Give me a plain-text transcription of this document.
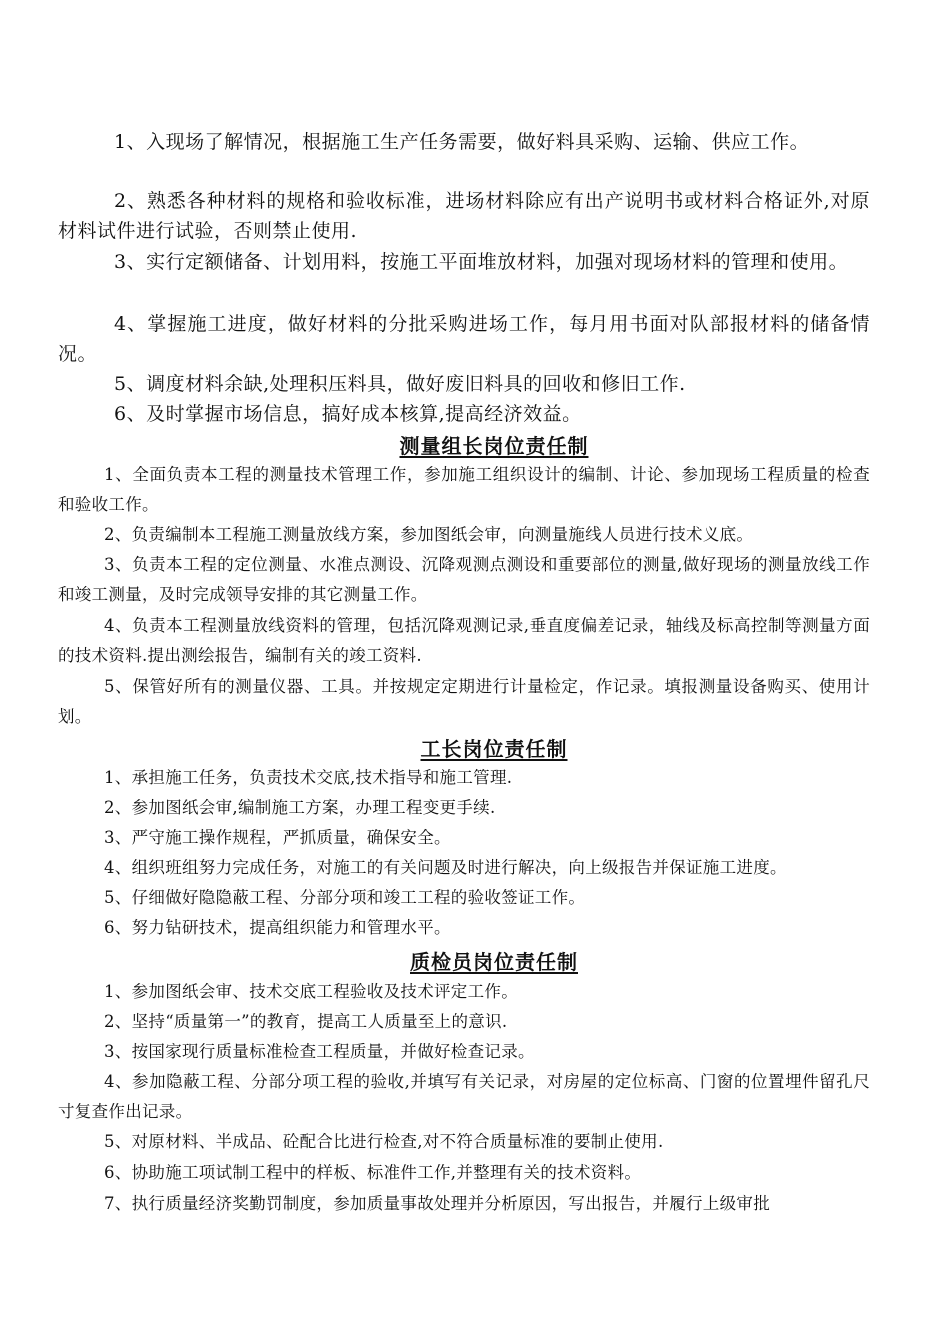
1、入现场了解情况，根据施工生产任务需要，做好料具采购、运输、供应工作。
2、熟悉各种材料的规格和验收标准，进场材料除应有出产说明书或材料合格证外,对原材料试件进行试验，否则禁止使用.
3、实行定额储备、计划用料，按施工平面堆放材料，加强对现场材料的管理和使用。
4、掌握施工进度，做好材料的分批采购进场工作，每月用书面对队部报材料的储备情况。
5、调度材料余缺,处理积压料具，做好废旧料具的回收和修旧工作.
6、及时掌握市场信息，搞好成本核算,提高经济效益。
测量组长岗位责任制
1、全面负责本工程的测量技术管理工作，参加施工组织设计的编制、计论、参加现场工程质量的检查和验收工作。
2、负责编制本工程施工测量放线方案，参加图纸会审，向测量施线人员进行技术义底。
3、负责本工程的定位测量、水准点测设、沉降观测点测设和重要部位的测量,做好现场的测量放线工作和竣工测量，及时完成领导安排的其它测量工作。
4、负责本工程测量放线资料的管理，包括沉降观测记录,垂直度偏差记录，轴线及标高控制等测量方面的技术资料.提出测绘报告，编制有关的竣工资料.
5、保管好所有的测量仪器、工具。并按规定定期进行计量检定，作记录。填报测量设备购买、使用计划。
工长岗位责任制
1、承担施工任务，负责技术交底,技术指导和施工管理.
2、参加图纸会审,编制施工方案，办理工程变更手续.
3、严守施工操作规程，严抓质量，确保安全。
4、组织班组努力完成任务，对施工的有关问题及时进行解决，向上级报告并保证施工进度。
5、仔细做好隐隐蔽工程、分部分项和竣工工程的验收签证工作。
6、努力钻研技术，提高组织能力和管理水平。
质检员岗位责任制
1、参加图纸会审、技术交底工程验收及技术评定工作。
2、坚持“质量第一”的教育，提高工人质量至上的意识.
3、按国家现行质量标准检查工程质量，并做好检查记录。
4、参加隐蔽工程、分部分项工程的验收,并填写有关记录，对房屋的定位标高、门窗的位置埋件留孔尺寸复查作出记录。
5、对原材料、半成品、砼配合比进行检查,对不符合质量标准的要制止使用.
6、协助施工项试制工程中的样板、标准件工作,并整理有关的技术资料。
7、执行质量经济奖勤罚制度，参加质量事故处理并分析原因，写出报告，并履行上级审批
